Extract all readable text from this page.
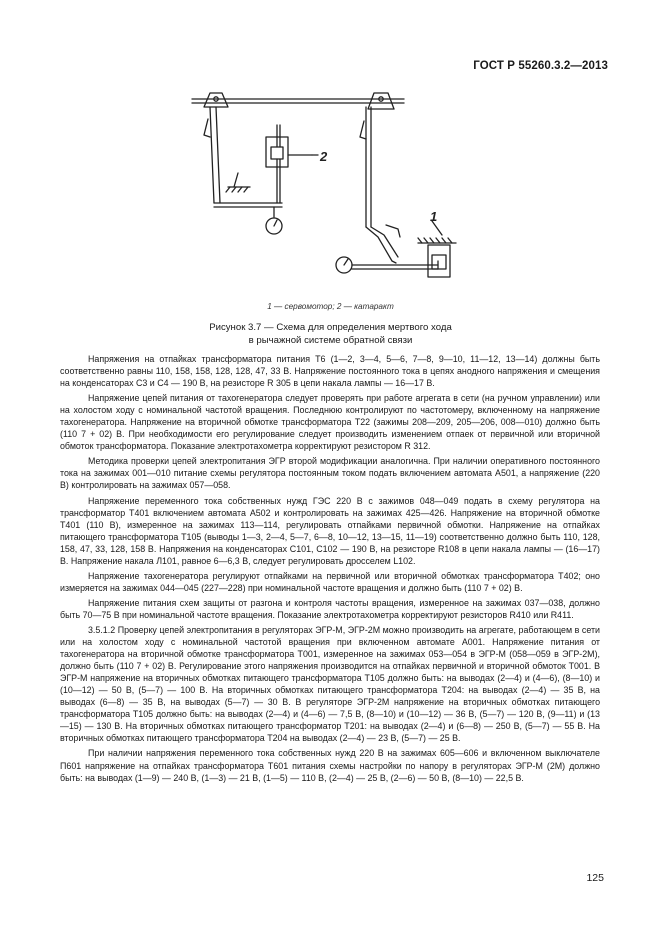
ГОСТ Р 55260.3.2—2013
2
1
1 — сервомотор; 2 — катаракт
Рисунок 3.7 — Схема для определения мертвого хода
в рычажной системе обратной связи

Напряжения на отпайках трансформатора питания Т6 (1—2, 3—4, 5—6, 7—8, 9—10, 11—12, 13—14) должны быть соответственно равны 110, 158, 158, 128, 128, 47, 33 В. Напряжение постоянного тока в цепях анодного напряжения и смещения на конденсаторах С3 и С4 — 190 В, на резисторе R 305 в цепи накала лампы — 16—17 В.

Напряжение цепей питания от тахогенератора следует проверять при работе агрегата в сети (на ручном управлении) или на холостом ходу с номинальной частотой вращения. Последнюю контролируют по частотомеру, включенному на напряжение тахогенератора. Напряжение на вторичной обмотке трансформатора Т22 (зажимы 208—209, 205—206, 008—010) должно быть (110 7 + 02) В. При необходимости его регулирование следует производить изменением отпаек от первичной или вторичной обмоток трансформатора. Показание электротахометра корректируют резистором R 312.

Методика проверки цепей электропитания ЭГР второй модификации аналогична. При наличии оперативного постоянного тока на зажимах 001—010 питание схемы регулятора постоянным током подать включением автомата А501, а напряжение (220 В) контролировать на зажимах 057—058.

Напряжение переменного тока собственных нужд ГЭС 220 В с зажимов 048—049 подать в схему регулятора на трансформатор Т401 включением автомата А502 и контролировать на зажимах 425—426. Напряжение на вторичной обмотке Т401 (110 В), измеренное на зажимах 113—114, регулировать отпайками первичной обмотки. Напряжение на отпайках питающего трансформатора Т105 (выводы 1—3, 2—4, 5—7, 6—8, 10—12, 13—15, 11—19) соответственно должно быть 110, 128, 158, 47, 33, 128, 158 В. Напряжения на конденсаторах С101, С102 — 190 В, на резисторе R108 в цепи накала лампы — (16—17) В. Напряжение накала Л101, равное 6—6,3 В, следует регулировать дросселем L102.

Напряжение тахогенератора регулируют отпайками на первичной или вторичной обмотках трансформатора Т402; оно измеряется на зажимах 044—045 (227—228) при номинальной частоте вращения и должно быть (110 7 + 02) В.

Напряжение питания схем защиты от разгона и контроля частоты вращения, измеренное на зажимах 037—038, должно быть 70—75 В при номинальной частоте вращения. Показание электротахометра корректируют резисторов R410 или R411.

3.5.1.2 Проверку цепей электропитания в регуляторах ЭГР-М, ЭГР-2М можно производить на агрегате, работающем в сети или на холостом ходу с номинальной частотой вращения при включенном автомате А001. Напряжение питания от тахогенератора на вторичной обмотке трансформатора Т001, измеренное на зажимах 053—054 в ЭГР-М (058—059 в ЭГР-2М), должно быть (110 7 + 02) В. Регулирование этого напряжения производится на отпайках первичной и вторичной обмоток Т001. В ЭГР-М напряжение на вторичных обмотках питающего трансформатора Т105 должно быть: на выводах (2—4) и (4—6), (8—10) и (10—12) — 50 В, (5—7) — 100 В. На вторичных обмотках питающего трансформатора Т204: на выводах (2—4) — 35 В, на выводах (6—8) — 35 В, на выводах (5—7) — 30 В. В регуляторе ЭГР-2М напряжение на вторичных обмотках питающего трансформатора Т105 должно быть: на выводах (2—4) и (4—6) — 7,5 В, (8—10) и (10—12) — 36 В, (5—7) — 120 В, (9—11) и (13—15) — 130 В. На вторичных обмотках питающего трансформатор Т201: на выводах (2—4) и (6—8) — 250 В, (5—7) — 55 В. На вторичных обмотках питающего трансформатора Т204 на выводах (2—4) — 23 В, (5—7) — 25 В.

При наличии напряжения переменного тока собственных нужд 220 В на зажимах 605—606 и включенном выключателе П601 напряжение на отпайках трансформатора Т601 питания схемы настройки по напору в регуляторах ЭГР-М (2М) должно быть: на выводах (1—9) — 240 В, (1—3) — 21 В, (1—5) — 110 В, (2—4) — 25 В, (2—6) — 50 В, (8—10) — 22,5 В.

125
